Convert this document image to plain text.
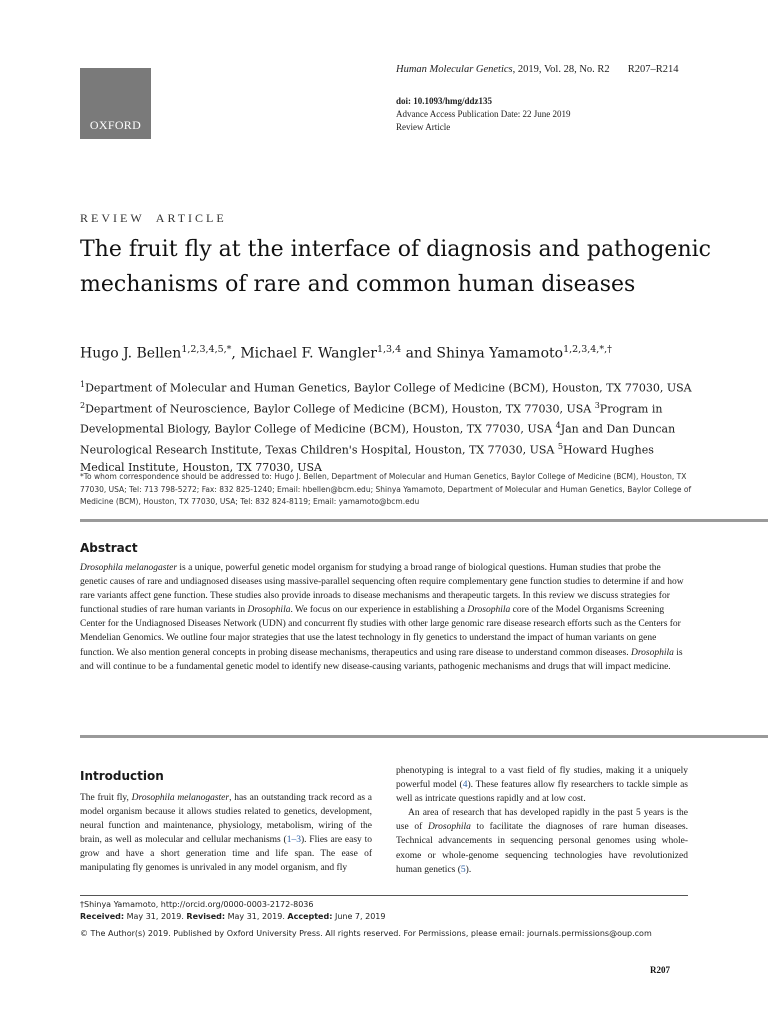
OXFORD
Human Molecular Genetics, 2019, Vol. 28, No. R2 R207–R214
doi: 10.1093/hmg/ddz135
Advance Access Publication Date: 22 June 2019
Review Article
REVIEW ARTICLE
The fruit fly at the interface of diagnosis and pathogenic mechanisms of rare and common human diseases
Hugo J. Bellen$^{1,2,3,4,5,*}$, Michael F. Wangler$^{1,3,4}$ and Shinya Yamamoto$^{1,2,3,4,*,\dagger}$
$^1$Department of Molecular and Human Genetics, Baylor College of Medicine (BCM), Houston, TX 77030, USA
$^2$Department of Neuroscience, Baylor College of Medicine (BCM), Houston, TX 77030, USA $^3$Program in Developmental Biology, Baylor College of Medicine (BCM), Houston, TX 77030, USA $^4$Jan and Dan Duncan Neurological Research Institute, Texas Children's Hospital, Houston, TX 77030, USA $^5$Howard Hughes Medical Institute, Houston, TX 77030, USA
*To whom correspondence should be addressed to: Hugo J. Bellen, Department of Molecular and Human Genetics, Baylor College of Medicine (BCM), Houston, TX 77030, USA; Tel: 713 798-5272; Fax: 832 825-1240; Email: hbellen@bcm.edu; Shinya Yamamoto, Department of Molecular and Human Genetics, Baylor College of Medicine (BCM), Houston, TX 77030, USA; Tel: 832 824-8119; Email: yamamoto@bcm.edu
Abstract
Drosophila melanogaster is a unique, powerful genetic model organism for studying a broad range of biological questions. Human studies that probe the genetic causes of rare and undiagnosed diseases using massive-parallel sequencing often require complementary gene function studies to determine if and how rare variants affect gene function. These studies also provide inroads to disease mechanisms and therapeutic targets. In this review we discuss strategies for functional studies of rare human variants in Drosophila. We focus on our experience in establishing a Drosophila core of the Model Organisms Screening Center for the Undiagnosed Diseases Network (UDN) and concurrent fly studies with other large genomic rare disease research efforts such as the Centers for Mendelian Genomics. We outline four major strategies that use the latest technology in fly genetics to understand the impact of human variants on gene function. We also mention general concepts in probing disease mechanisms, therapeutics and using rare disease to understand common diseases. Drosophila is and will continue to be a fundamental genetic model to identify new disease-causing variants, pathogenic mechanisms and drugs that will impact medicine.
Introduction

The fruit fly, Drosophila melanogaster, has an outstanding track record as a model organism because it allows studies related to genetics, development, neural function and maintenance, physiology, metabolism, wiring of the brain, as well as molecular and cellular mechanisms (1–3). Flies are easy to grow and have a short generation time and life span. The ease of manipulating fly genomes is unrivaled in any model organism, and fly

phenotyping is integral to a vast field of fly studies, making it a uniquely powerful model (4). These features allow fly researchers to tackle simple as well as intricate questions rapidly and at low cost.

An area of research that has developed rapidly in the past 5 years is the use of Drosophila to facilitate the diagnoses of rare human diseases. Technical advancements in sequencing personal genomes using whole-exome or whole-genome sequencing technologies have revolutionized human genetics (5).

†Shinya Yamamoto, http://orcid.org/0000-0003-2172-8036
Received: May 31, 2019. Revised: May 31, 2019. Accepted: June 7, 2019
© The Author(s) 2019. Published by Oxford University Press. All rights reserved. For Permissions, please email: journals.permissions@oup.com
R207
